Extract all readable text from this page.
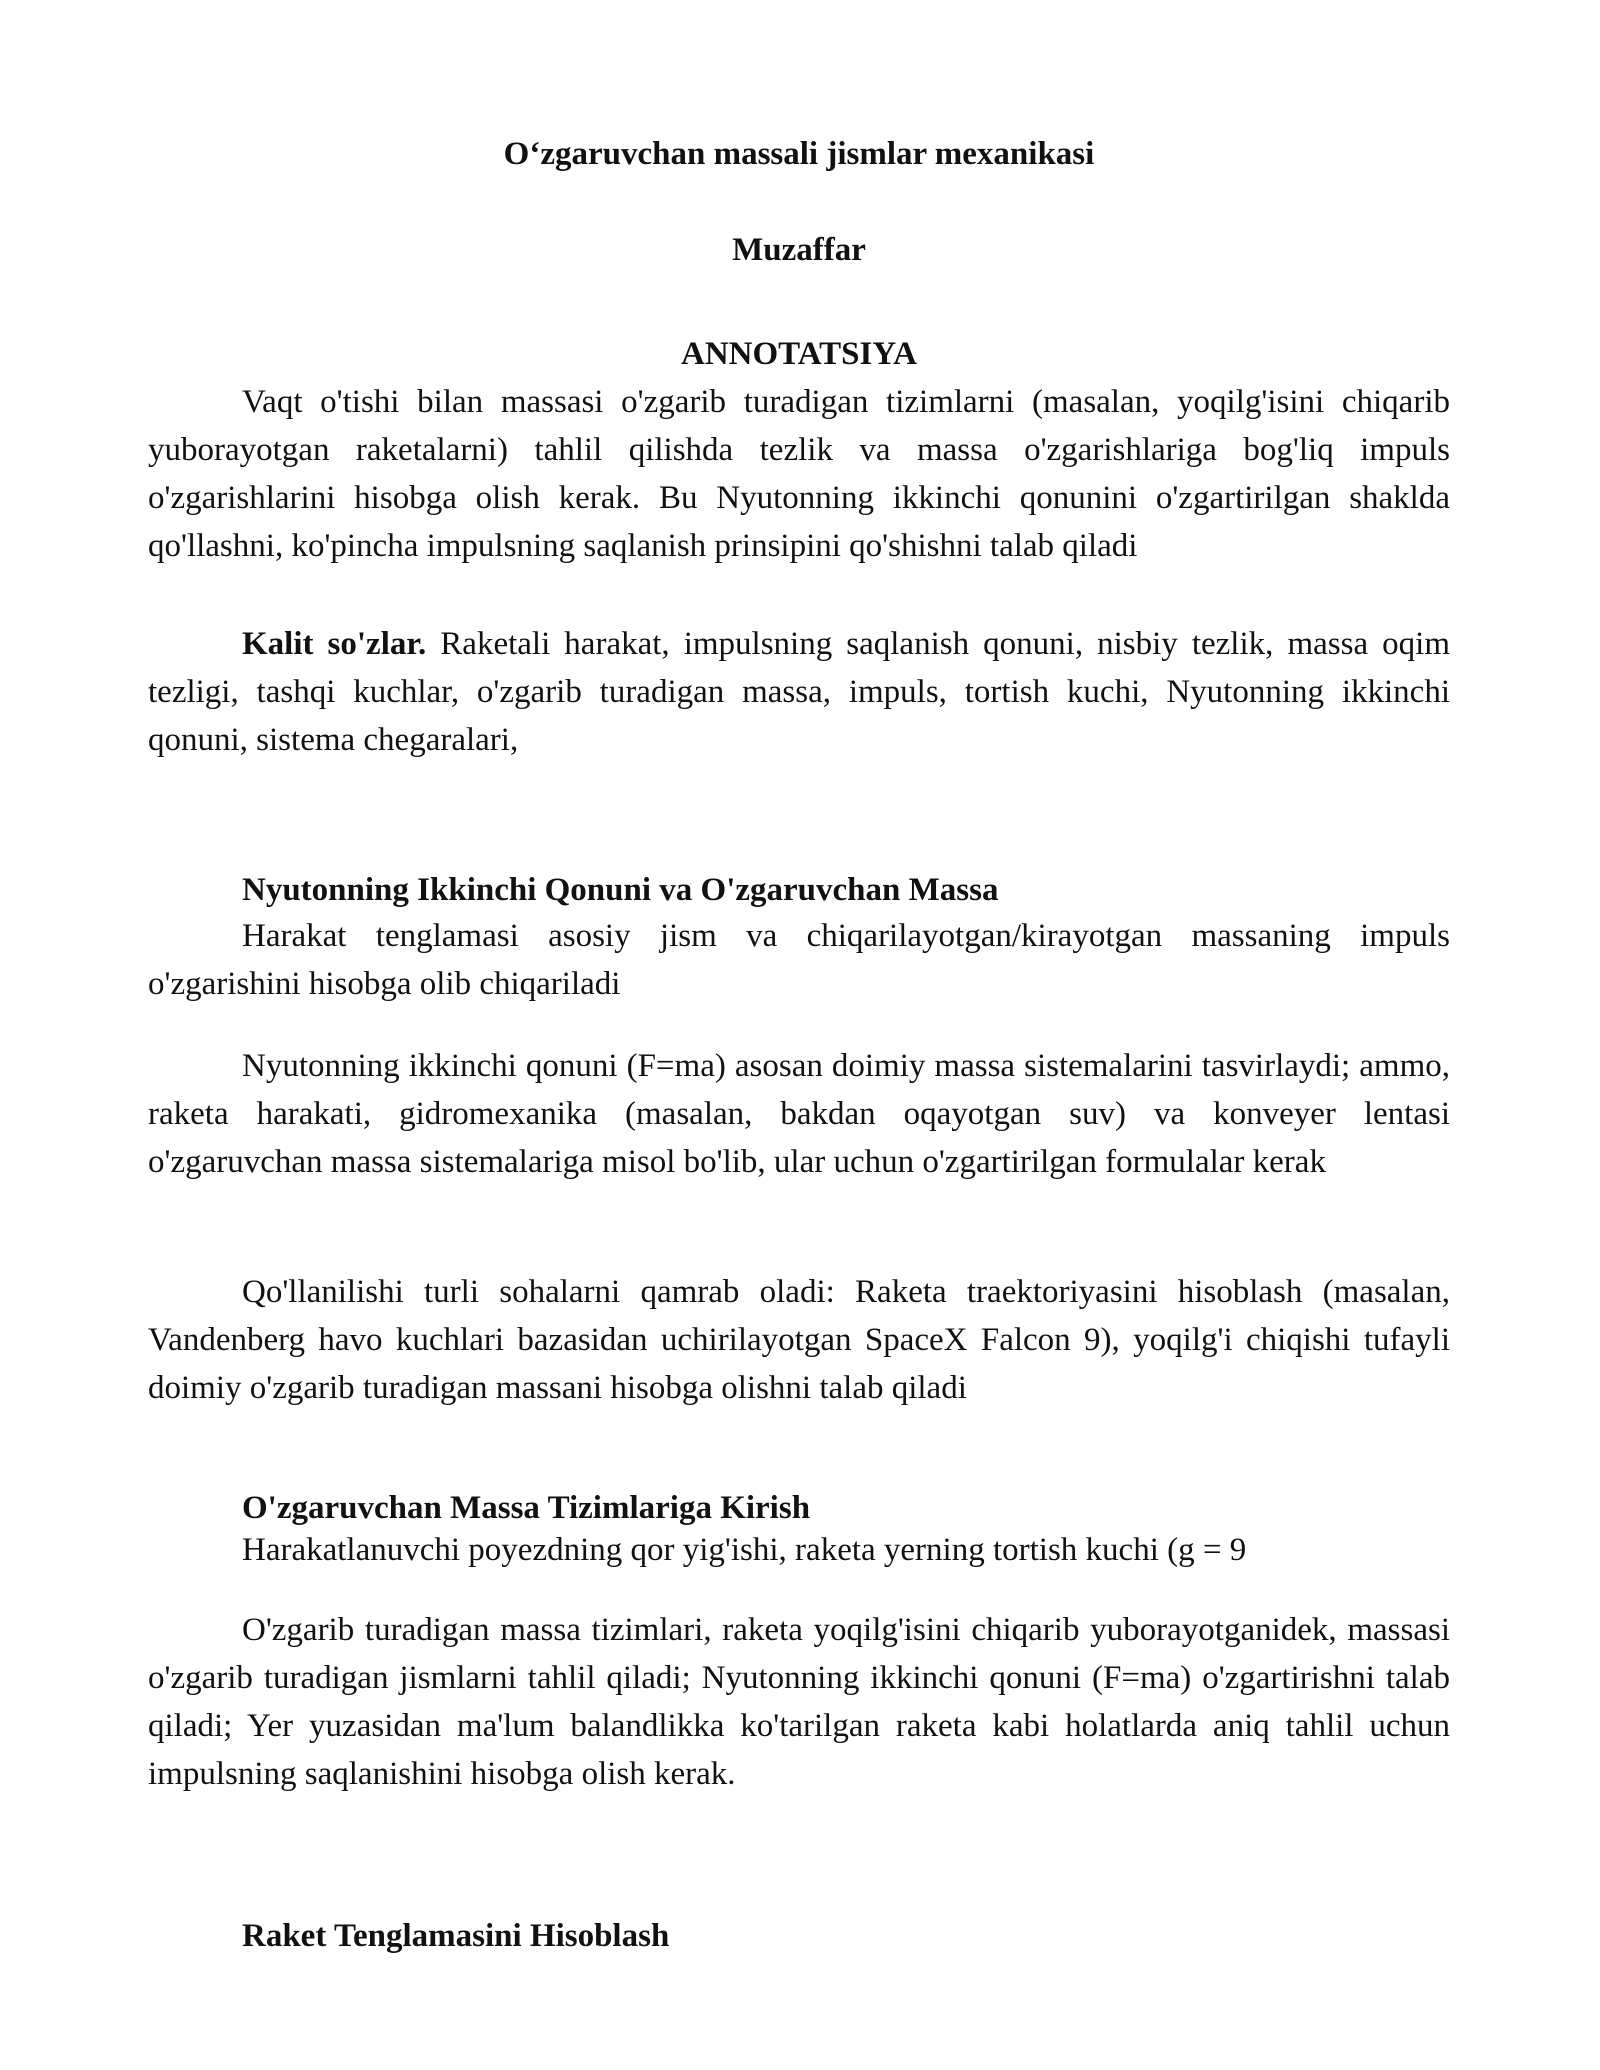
O‘zgaruvchan massali jismlar mexanikasi
Muzaffar
ANNOTATSIYA

Vaqt o'tishi bilan massasi o'zgarib turadigan tizimlarni (masalan, yoqilg'isini chiqarib yuborayotgan raketalarni) tahlil qilishda tezlik va massa o'zgarishlariga bog'liq impuls o'zgarishlarini hisobga olish kerak. Bu Nyutonning ikkinchi qonunini o'zgartirilgan shaklda qo'llashni, ko'pincha impulsning saqlanish prinsipini qo'shishni talab qiladi

Kalit so'zlar. Raketali harakat, impulsning saqlanish qonuni, nisbiy tezlik, massa oqim tezligi, tashqi kuchlar, o'zgarib turadigan massa, impuls, tortish kuchi, Nyutonning ikkinchi qonuni, sistema chegaralari,

Nyutonning Ikkinchi Qonuni va O'zgaruvchan Massa

Harakat tenglamasi asosiy jism va chiqarilayotgan/kirayotgan massaning impuls o'zgarishini hisobga olib chiqariladi

Nyutonning ikkinchi qonuni (F=ma) asosan doimiy massa sistemalarini tasvirlaydi; ammo, raketa harakati, gidromexanika (masalan, bakdan oqayotgan suv) va konveyer lentasi o'zgaruvchan massa sistemalariga misol bo'lib, ular uchun o'zgartirilgan formulalar kerak

Qo'llanilishi turli sohalarni qamrab oladi: Raketa traektoriyasini hisoblash (masalan, Vandenberg havo kuchlari bazasidan uchirilayotgan SpaceX Falcon 9), yoqilg'i chiqishi tufayli doimiy o'zgarib turadigan massani hisobga olishni talab qiladi

O'zgaruvchan Massa Tizimlariga Kirish

Harakatlanuvchi poyezdning qor yig'ishi, raketa yerning tortish kuchi (g = 9

O'zgarib turadigan massa tizimlari, raketa yoqilg'isini chiqarib yuborayotganidek, massasi o'zgarib turadigan jismlarni tahlil qiladi; Nyutonning ikkinchi qonuni (F=ma) o'zgartirishni talab qiladi; Yer yuzasidan ma'lum balandlikka ko'tarilgan raketa kabi holatlarda aniq tahlil uchun impulsning saqlanishini hisobga olish kerak.

Raket Tenglamasini Hisoblash
